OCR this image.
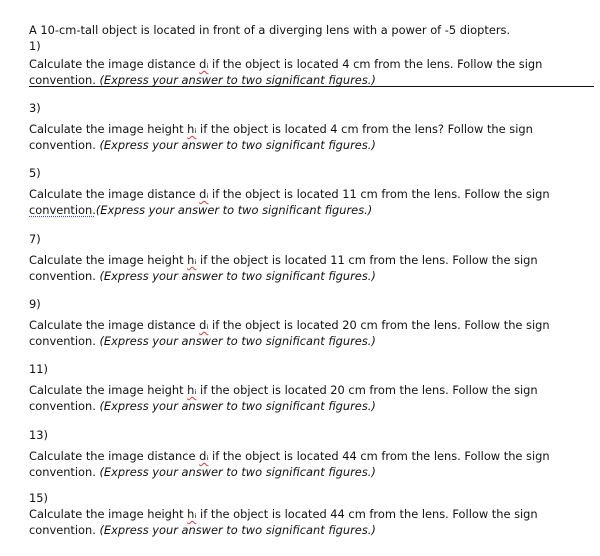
A 10-cm-tall object is located in front of a diverging lens with a power of -5 diopters.
1)
Calculate the image distance dᵢ if the object is located 4 cm from the lens. Follow the sign
convention. (Express your answer to two significant figures.)
3)
Calculate the image height hᵢ if the object is located 4 cm from the lens? Follow the sign
convention. (Express your answer to two significant figures.)
5)
Calculate the image distance dᵢ if the object is located 11 cm from the lens. Follow the sign
convention.(Express your answer to two significant figures.)
7)
Calculate the image height hᵢ if the object is located 11 cm from the lens. Follow the sign
convention. (Express your answer to two significant figures.)
9)
Calculate the image distance dᵢ if the object is located 20 cm from the lens. Follow the sign
convention. (Express your answer to two significant figures.)
11)
Calculate the image height hᵢ if the object is located 20 cm from the lens. Follow the sign
convention. (Express your answer to two significant figures.)
13)
Calculate the image distance dᵢ if the object is located 44 cm from the lens. Follow the sign
convention. (Express your answer to two significant figures.)
15)
Calculate the image height hᵢ if the object is located 44 cm from the lens. Follow the sign
convention. (Express your answer to two significant figures.)
